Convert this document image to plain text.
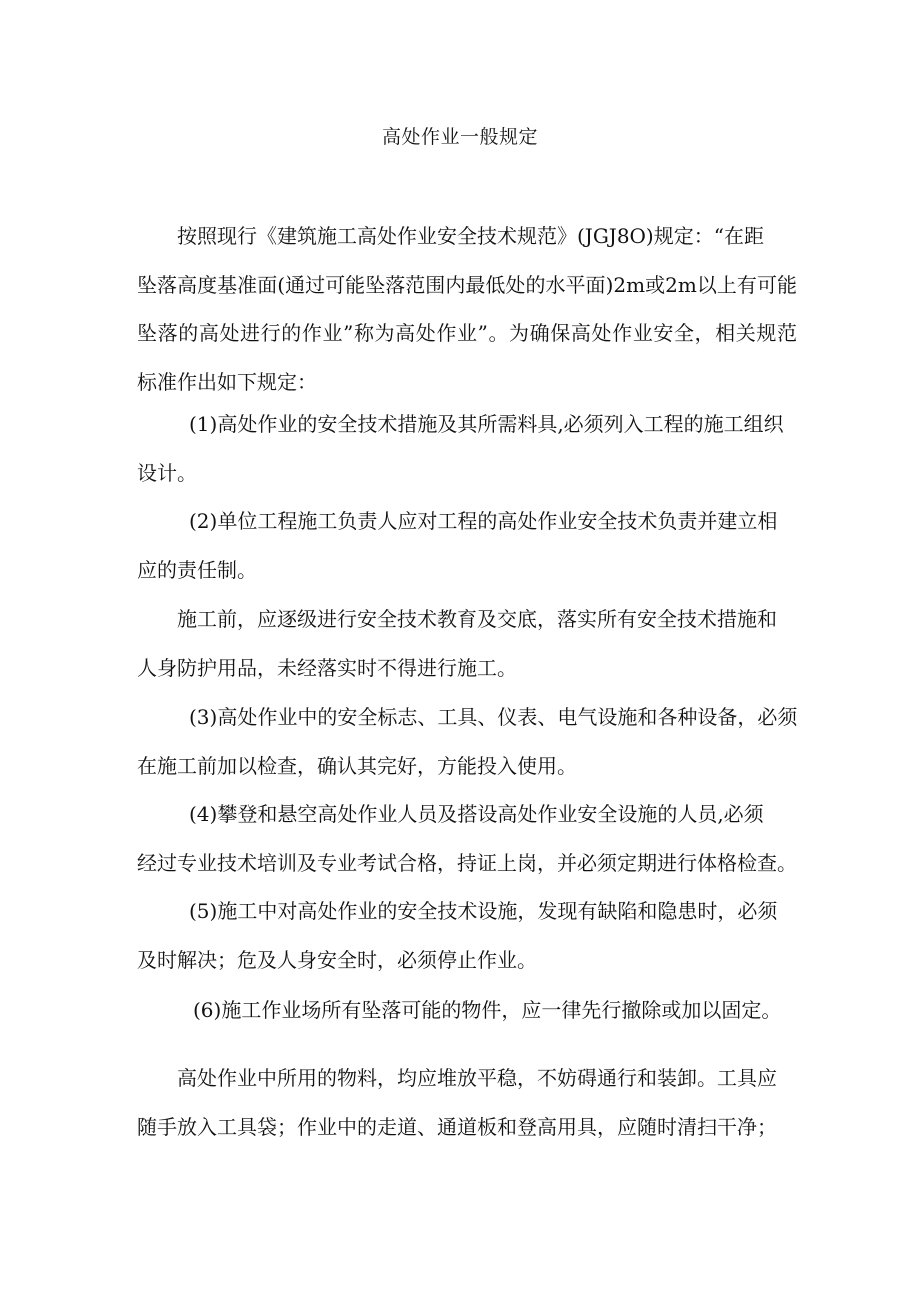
高处作业一般规定
按照现行《建筑施工高处作业安全技术规范》(JGJ8O)规定：“在距
坠落高度基准面(通过可能坠落范围内最低处的水平面)2m或2m以上有可能坠落的高处进行的作业”称为高处作业”。为确保高处作业安全，相关规范标准作出如下规定：
(1)高处作业的安全技术措施及其所需料具,必须列入工程的施工组织
设计。
(2)单位工程施工负责人应对工程的高处作业安全技术负责并建立相
应的责任制。
施工前，应逐级进行安全技术教育及交底，落实所有安全技术措施和
人身防护用品，未经落实时不得进行施工。
(3)高处作业中的安全标志、工具、仪表、电气设施和各种设备，必须
在施工前加以检查，确认其完好，方能投入使用。
(4)攀登和悬空高处作业人员及搭设高处作业安全设施的人员,必须
经过专业技术培训及专业考试合格，持证上岗，并必须定期进行体格检查。
(5)施工中对高处作业的安全技术设施，发现有缺陷和隐患时，必须
及时解决；危及人身安全时，必须停止作业。
(6)施工作业场所有坠落可能的物件，应一律先行撤除或加以固定。
高处作业中所用的物料，均应堆放平稳，不妨碍通行和装卸。工具应
随手放入工具袋；作业中的走道、通道板和登高用具，应随时清扫干净；
